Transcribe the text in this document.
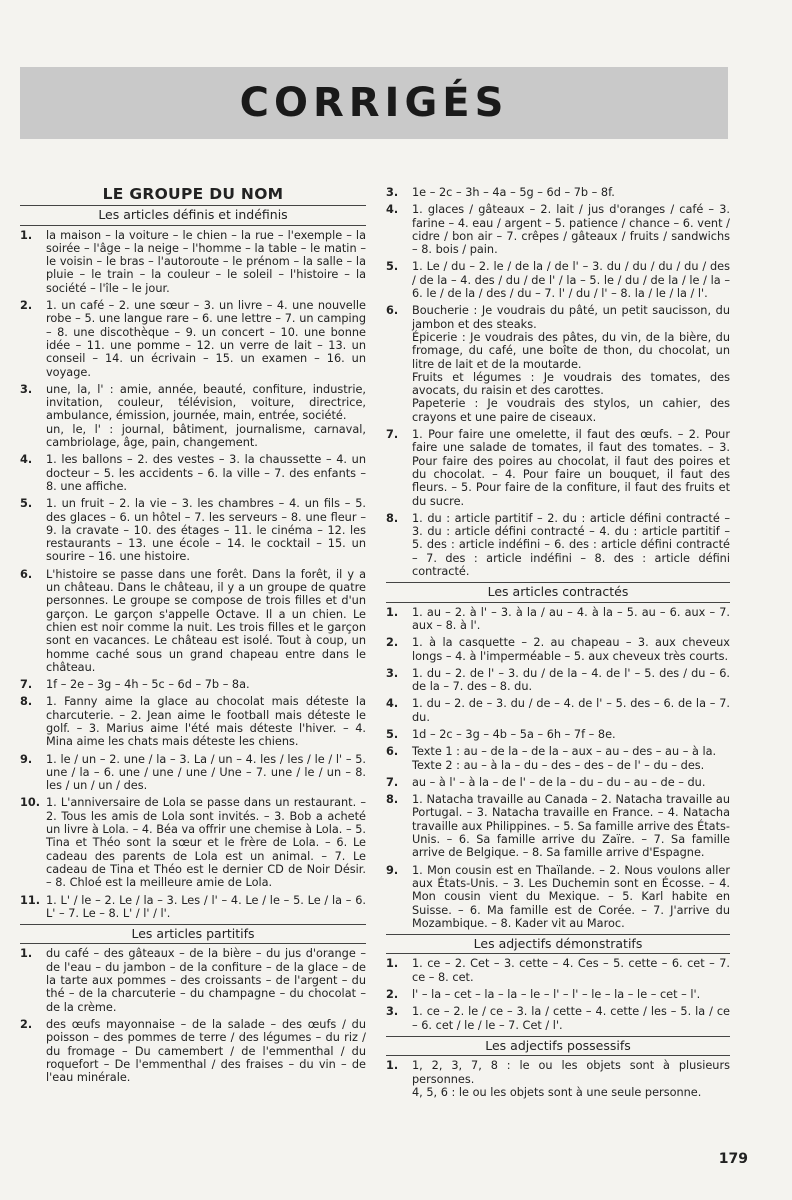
CORRIGÉS
LE GROUPE DU NOM
Les articles définis et indéfinis
1.	la maison – la voiture – le chien – la rue – l'exemple – la soirée – l'âge – la neige – l'homme – la table – le matin – le voisin – le bras – l'autoroute – le prénom – la salle – la pluie – le train – la couleur – le soleil – l'histoire – la société – l'île – le jour.

2.	1. un café – 2. une sœur – 3. un livre – 4. une nouvelle robe – 5. une langue rare – 6. une lettre – 7. un camping – 8. une discothèque – 9. un concert – 10. une bonne idée – 11. une pomme – 12. un verre de lait – 13. un conseil – 14. un écrivain – 15. un examen – 16. un voyage.

3.	une, la, l' : amie, année, beauté, confiture, industrie, invitation, couleur, télévision, voiture, directrice, ambulance, émission, journée, main, entrée, société.

un, le, l' : journal, bâtiment, journalisme, carnaval, cambriolage, âge, pain, changement.

4.	1. les ballons – 2. des vestes – 3. la chaussette – 4. un docteur – 5. les accidents – 6. la ville – 7. des enfants – 8. une affiche.

5.	1. un fruit – 2. la vie – 3. les chambres – 4. un fils – 5. des glaces – 6. un hôtel – 7. les serveurs – 8. une fleur – 9. la cravate – 10. des étages – 11. le cinéma – 12. les restaurants – 13. une école – 14. le cocktail – 15. un sourire – 16. une histoire.

6.	L'histoire se passe dans une forêt. Dans la forêt, il y a un château. Dans le château, il y a un groupe de quatre personnes. Le groupe se compose de trois filles et d'un garçon. Le garçon s'appelle Octave. Il a un chien. Le chien est noir comme la nuit. Les trois filles et le garçon sont en vacances. Le château est isolé. Tout à coup, un homme caché sous un grand chapeau entre dans le château.

7.	1f – 2e – 3g – 4h – 5c – 6d – 7b – 8a.

8.	1. Fanny aime la glace au chocolat mais déteste la charcuterie. – 2. Jean aime le football mais déteste le golf. – 3. Marius aime l'été mais déteste l'hiver. – 4. Mina aime les chats mais déteste les chiens.

9.	1. le / un – 2. une / la – 3. La / un – 4. les / les / le / l' – 5. une / la – 6. une / une / une / Une – 7. une / le / un – 8. les / un / un / des.

10. 1. L'anniversaire de Lola se passe dans un restaurant. – 2. Tous les amis de Lola sont invités. – 3. Bob a acheté un livre à Lola. – 4. Béa va offrir une chemise à Lola. – 5. Tina et Théo sont la sœur et le frère de Lola. – 6. Le cadeau des parents de Lola est un animal. – 7. Le cadeau de Tina et Théo est le dernier CD de Noir Désir. – 8. Chloé est la meilleure amie de Lola.

11. 1. L' / le – 2. Le / la – 3. Les / l' – 4. Le / le – 5. Le / la – 6. L' – 7. Le – 8. L' / l' / l'.

Les articles partitifs
1.	du café – des gâteaux – de la bière – du jus d'orange – de l'eau – du jambon – de la confiture – de la glace – de la tarte aux pommes – des croissants – de l'argent – du thé – de la charcuterie – du champagne – du chocolat – de la crème.

2.	des œufs mayonnaise – de la salade – des œufs / du poisson – des pommes de terre / des légumes – du riz / du fromage – Du camembert / de l'emmenthal / du roquefort – De l'emmenthal / des fraises – du vin – de l'eau minérale.

3.	1e – 2c – 3h – 4a – 5g – 6d – 7b – 8f.

4.	1. glaces / gâteaux – 2. lait / jus d'oranges / café – 3. farine – 4. eau / argent – 5. patience / chance – 6. vent / cidre / bon air – 7. crêpes / gâteaux / fruits / sandwichs – 8. bois / pain.

5.	1. Le / du – 2. le / de la / de l' – 3. du / du / du / du / des / de la – 4. des / du / de l' / la – 5. le / du / de la / le / la – 6. le / de la / des / du – 7. l' / du / l' – 8. la / le / la / l'.

6.	Boucherie : Je voudrais du pâté, un petit saucisson, du jambon et des steaks.

Épicerie : Je voudrais des pâtes, du vin, de la bière, du fromage, du café, une boîte de thon, du chocolat, un litre de lait et de la moutarde.

Fruits et légumes : Je voudrais des tomates, des avocats, du raisin et des carottes.

Papeterie : Je voudrais des stylos, un cahier, des crayons et une paire de ciseaux.

7.	1. Pour faire une omelette, il faut des œufs. – 2. Pour faire une salade de tomates, il faut des tomates. – 3. Pour faire des poires au chocolat, il faut des poires et du chocolat. – 4. Pour faire un bouquet, il faut des fleurs. – 5. Pour faire de la confiture, il faut des fruits et du sucre.

8.	1. du : article partitif – 2. du : article défini contracté – 3. du : article défini contracté – 4. du : article partitif – 5. des : article indéfini – 6. des : article défini contracté – 7. des : article indéfini – 8. des : article défini contracté.

Les articles contractés
1.	1. au – 2. à l' – 3. à la / au – 4. à la – 5. au – 6. aux – 7. aux – 8. à l'.

2.	1. à la casquette – 2. au chapeau – 3. aux cheveux longs – 4. à l'imperméable – 5. aux cheveux très courts.

3.	1. du – 2. de l' – 3. du / de la – 4. de l' – 5. des / du – 6. de la – 7. des – 8. du.

4.	1. du – 2. de – 3. du / de – 4. de l' – 5. des – 6. de la – 7. du.

5.	1d – 2c – 3g – 4b – 5a – 6h – 7f – 8e.

6.	Texte 1 : au – de la – de la – aux – au – des – au – à la.

Texte 2 : au – à la – du – des – des – de l' – du – des.

7.	au – à l' – à la – de l' – de la – du – du – au – de – du.

8.	1. Natacha travaille au Canada – 2. Natacha travaille au Portugal. – 3. Natacha travaille en France. – 4. Natacha travaille aux Philippines. – 5. Sa famille arrive des États-Unis. – 6. Sa famille arrive du Zaïre. – 7. Sa famille arrive de Belgique. – 8. Sa famille arrive d'Espagne.

9.	1. Mon cousin est en Thaïlande. – 2. Nous voulons aller aux États-Unis. – 3. Les Duchemin sont en Écosse. – 4. Mon cousin vient du Mexique. – 5. Karl habite en Suisse. – 6. Ma famille est de Corée. – 7. J'arrive du Mozambique. – 8. Kader vit au Maroc.

Les adjectifs démonstratifs
1.	1. ce – 2. Cet – 3. cette – 4. Ces – 5. cette – 6. cet – 7. ce – 8. cet.

2.	l' – la – cet – la – la – le – l' – l' – le – la – le – cet – l'.

3.	1. ce – 2. le / ce – 3. la / cette – 4. cette / les – 5. la / ce – 6. cet / le / le – 7. Cet / l'.

Les adjectifs possessifs
1.	1, 2, 3, 7, 8 : le ou les objets sont à plusieurs personnes.

4, 5, 6 : le ou les objets sont à une seule personne.

179
